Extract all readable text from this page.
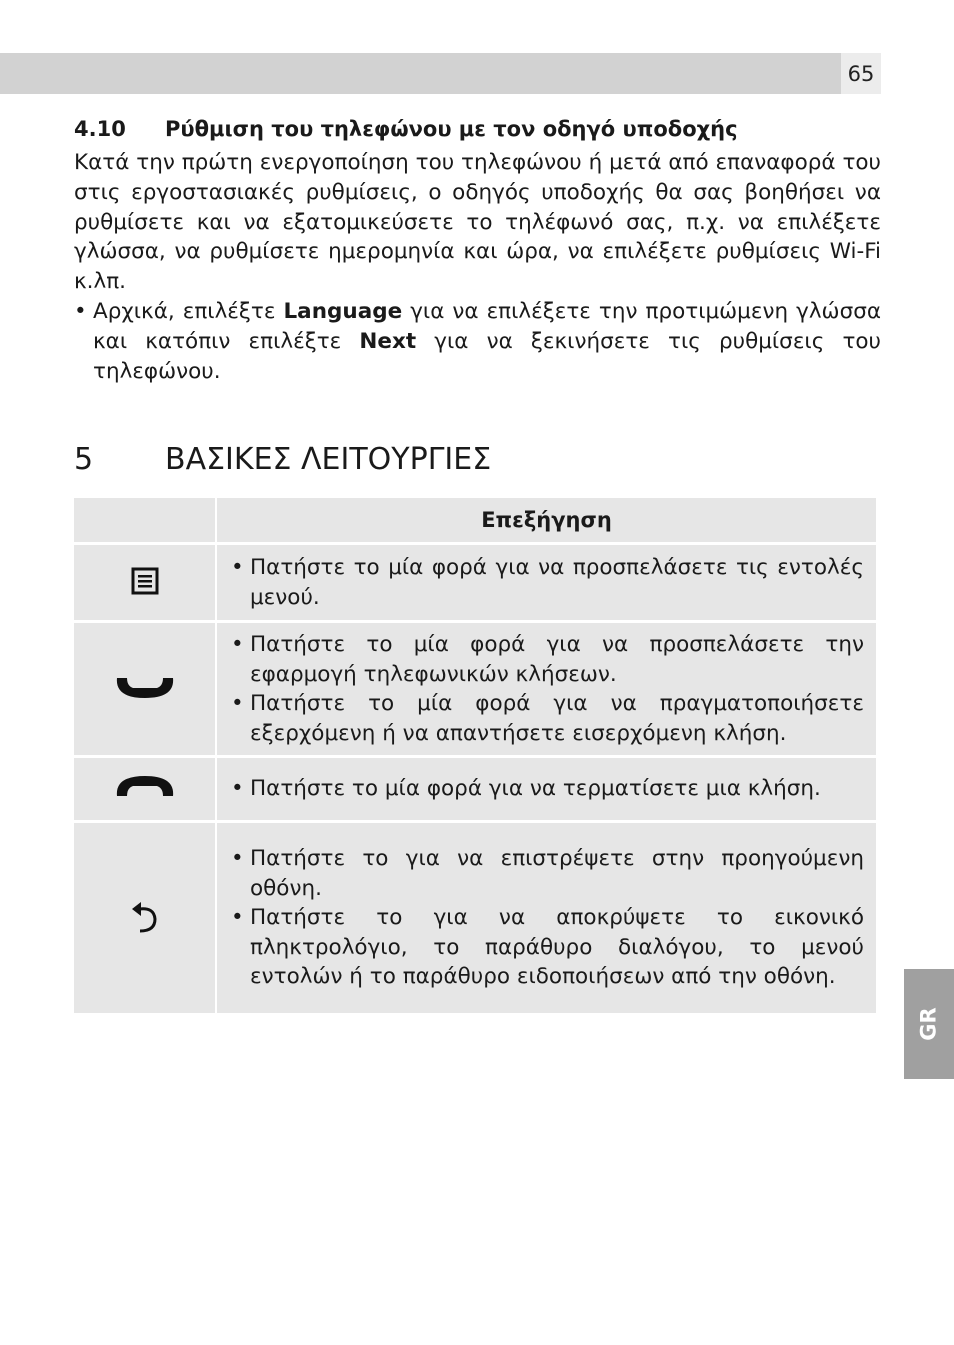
65
4.10	Ρύθμιση του τηλεφώνου με τον οδηγό υποδοχής

Κατά την πρώτη ενεργοποίηση του τηλεφώνου ή μετά από επαναφορά του στις εργοστασιακές ρυθμίσεις, ο οδηγός υποδοχής θα σας βοηθήσει να ρυθμίσετε και να εξατομικεύσετε το τηλέφωνό σας, π.χ. να επιλέξετε γλώσσα, να ρυθμίσετε ημερομηνία και ώρα, να επιλέξετε ρυθμίσεις Wi-Fi κ.λπ.

• Αρχικά, επιλέξτε Language για να επιλέξετε την προτιμώμενη γλώσσα και κατόπιν επιλέξτε Next για να ξεκινήσετε τις ρυθμίσεις του τηλεφώνου.
5	ΒΑΣΙΚΕΣ ΛΕΙΤΟΥΡΓΙΕΣ
	Επεξήγηση

• Πατήστε το μία φορά για να προσπελάσετε τις εντολές μενού.

• Πατήστε το μία φορά για να προσπελάσετε την εφαρμογή τηλεφωνικών κλήσεων.
• Πατήστε το μία φορά για να πραγματοποιήσετε εξερχόμενη ή να απαντήσετε εισερχόμενη κλήση.

• Πατήστε το μία φορά για να τερματίσετε μια κλήση.

• Πατήστε το για να επιστρέψετε στην προηγούμενη οθόνη.
• Πατήστε το για να αποκρύψετε το εικονικό πληκτρολόγιο, το παράθυρο διαλόγου, το μενού εντολών ή το παράθυρο ειδοποιήσεων από την οθόνη.
GR
